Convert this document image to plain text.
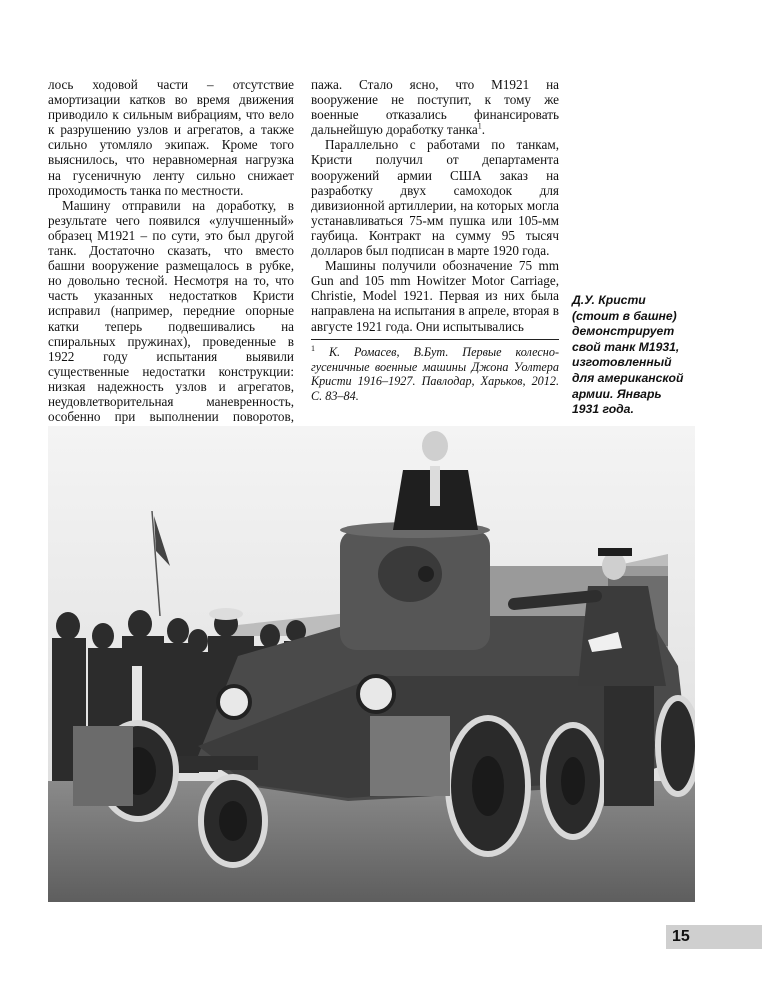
лось ходовой части – отсутствие амортизации катков во время движения приводило к сильным вибрациям, что вело к разрушению узлов и агрегатов, а также сильно утомляло экипаж. Кроме того выяснилось, что неравномерная нагрузка на гусеничную ленту сильно снижает проходимость танка по местности.

Машину отправили на доработку, в результате чего появился «улучшенный» образец М1921 – по сути, это был другой танк. Достаточно сказать, что вместо башни вооружение размещалось в рубке, но довольно тесной. Несмотря на то, что часть указанных недостатков Кристи исправил (например, передние опорные катки теперь подвешивались на спиральных пружинах), проведенные в 1922 году испытания выявили существенные недостатки конструкции: низкая надежность узлов и агрегатов, неудовлетворительная маневренность, особенно при выполнении поворотов,

пажа. Стало ясно, что М1921 на вооружение не поступит, к тому же военные отказались финансировать дальнейшую доработку танка$^1$.

Параллельно с работами по танкам, Кристи получил от департамента вооружений армии США заказ на разработку двух самоходок для дивизионной артиллерии, на которых могла устанавливаться 75-мм пушка или 105-мм гаубица. Контракт на сумму 95 тысяч долларов был подписан в марте 1920 года.

Машины получили обозначение 75 mm Gun and 105 mm Howitzer Motor Carriage, Christie, Model 1921. Первая из них была направлена на испытания в апреле, вторая в августе 1921 года. Они испытывались

$^1$ К. Ромасев, В.Бут. Первые колесно-гусеничные военные машины Джона Уолтера Кристи 1916–1927. Павлодар, Харьков, 2012. С. 83–84.

Д.У. Кристи (стоит в башне) демонстрирует свой танк М1931, изготовленный для американской армии. Январь 1931 года.

15
